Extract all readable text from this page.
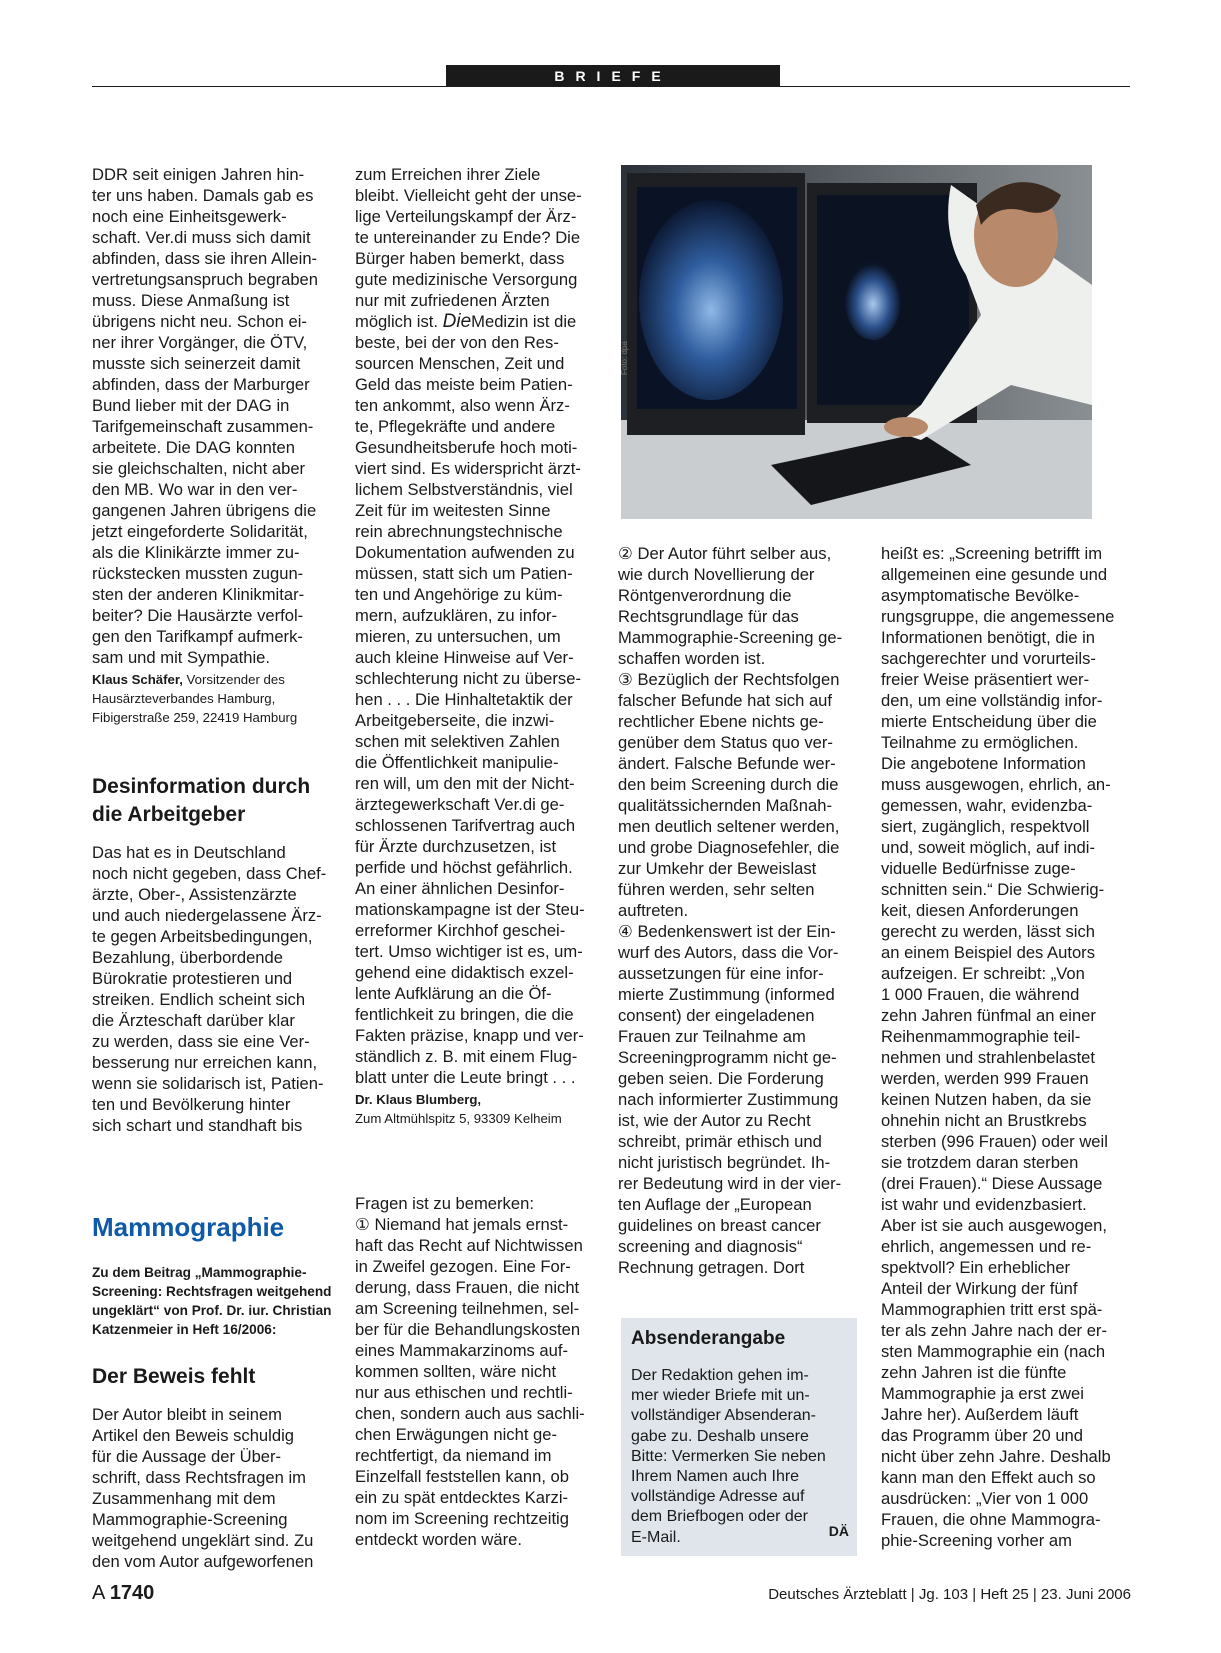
BRIEFE

DDR seit einigen Jahren hin-
ter uns haben. Damals gab es
noch eine Einheitsgewerk-
schaft. Ver.di muss sich damit
abfinden, dass sie ihren Allein-
vertretungsanspruch begraben
muss. Diese Anmaßung ist
übrigens nicht neu. Schon ei-
ner ihrer Vorgänger, die ÖTV,
musste sich seinerzeit damit
abfinden, dass der Marburger
Bund lieber mit der DAG in
Tarifgemeinschaft zusammen-
arbeitete. Die DAG konnten
sie gleichschalten, nicht aber
den MB. Wo war in den ver-
gangenen Jahren übrigens die
jetzt eingeforderte Solidarität,
als die Klinikärzte immer zu-
rückstecken mussten zugun-
sten der anderen Klinikmitar-
beiter? Die Hausärzte verfol-
gen den Tarifkampf aufmerk-
sam und mit Sympathie.

Klaus Schäfer, Vorsitzender des

Hausärzteverbandes Hamburg,
Fibigerstraße 259, 22419 Hamburg

Desinformation durch
die Arbeitgeber

Das hat es in Deutschland
noch nicht gegeben, dass Chef-
ärzte, Ober-, Assistenzärzte
und auch niedergelassene Ärz-
te gegen Arbeitsbedingungen,
Bezahlung, überbordende
Bürokratie protestieren und
streiken. Endlich scheint sich
die Ärzteschaft darüber klar
zu werden, dass sie eine Ver-
besserung nur erreichen kann,
wenn sie solidarisch ist, Patien-
ten und Bevölkerung hinter
sich schart und standhaft bis

Mammographie

Zu dem Beitrag „Mammographie-
Screening: Rechtsfragen weitgehend
ungeklärt“ von Prof. Dr. iur. Christian
Katzenmeier in Heft 16/2006:

Der Beweis fehlt

Der Autor bleibt in seinem
Artikel den Beweis schuldig
für die Aussage der Über-
schrift, dass Rechtsfragen im
Zusammenhang mit dem
Mammographie-Screening
weitgehend ungeklärt sind. Zu
den vom Autor aufgeworfenen

zum Erreichen ihrer Ziele
bleibt. Vielleicht geht der unse-
lige Verteilungskampf der Ärz-
te untereinander zu Ende? Die
Bürger haben bemerkt, dass
gute medizinische Versorgung
nur mit zufriedenen Ärzten
möglich ist. DieMedizin ist die
beste, bei der von den Res-
sourcen Menschen, Zeit und
Geld das meiste beim Patien-
ten ankommt, also wenn Ärz-
te, Pflegekräfte und andere
Gesundheitsberufe hoch moti-
viert sind. Es widerspricht ärzt-
lichem Selbstverständnis, viel
Zeit für im weitesten Sinne
rein abrechnungstechnische
Dokumentation aufwenden zu
müssen, statt sich um Patien-
ten und Angehörige zu küm-
mern, aufzuklären, zu infor-
mieren, zu untersuchen, um
auch kleine Hinweise auf Ver-
schlechterung nicht zu überse-
hen . . . Die Hinhaltetaktik der
Arbeitgeberseite, die inzwi-
schen mit selektiven Zahlen
die Öffentlichkeit manipulie-
ren will, um den mit der Nicht-
ärztegewerkschaft Ver.di ge-
schlossenen Tarifvertrag auch
für Ärzte durchzusetzen, ist
perfide und höchst gefährlich.
An einer ähnlichen Desinfor-
mationskampagne ist der Steu-
erreformer Kirchhof geschei-
tert. Umso wichtiger ist es, um-
gehend eine didaktisch exzel-
lente Aufklärung an die Öf-
fentlichkeit zu bringen, die die
Fakten präzise, knapp und ver-
ständlich z. B. mit einem Flug-
blatt unter die Leute bringt . . .

Dr. Klaus Blumberg,

Zum Altmühlspitz 5, 93309 Kelheim

Fragen ist zu bemerken:
① Niemand hat jemals ernst-
haft das Recht auf Nichtwissen
in Zweifel gezogen. Eine For-
derung, dass Frauen, die nicht
am Screening teilnehmen, sel-
ber für die Behandlungskosten
eines Mammakarzinoms auf-
kommen sollten, wäre nicht
nur aus ethischen und rechtli-
chen, sondern auch aus sachli-
chen Erwägungen nicht ge-
rechtfertigt, da niemand im
Einzelfall feststellen kann, ob
ein zu spät entdecktes Karzi-
nom im Screening rechtzeitig
entdeckt worden wäre.

Foto: dpa

② Der Autor führt selber aus,
wie durch Novellierung der
Röntgenverordnung die
Rechtsgrundlage für das
Mammographie-Screening ge-
schaffen worden ist.
③ Bezüglich der Rechtsfolgen
falscher Befunde hat sich auf
rechtlicher Ebene nichts ge-
genüber dem Status quo ver-
ändert. Falsche Befunde wer-
den beim Screening durch die
qualitätssichernden Maßnah-
men deutlich seltener werden,
und grobe Diagnosefehler, die
zur Umkehr der Beweislast
führen werden, sehr selten
auftreten.
④ Bedenkenswert ist der Ein-
wurf des Autors, dass die Vor-
aussetzungen für eine infor-
mierte Zustimmung (informed
consent) der eingeladenen
Frauen zur Teilnahme am
Screeningprogramm nicht ge-
geben seien. Die Forderung
nach informierter Zustimmung
ist, wie der Autor zu Recht
schreibt, primär ethisch und
nicht juristisch begründet. Ih-
rer Bedeutung wird in der vier-
ten Auflage der „European
guidelines on breast cancer
screening and diagnosis“
Rechnung getragen. Dort

Absenderangabe
Der Redaktion gehen im-
mer wieder Briefe mit un-
vollständiger Absenderan-
gabe zu. Deshalb unsere
Bitte: Vermerken Sie neben
Ihrem Namen auch Ihre
vollständige Adresse auf
dem Briefbogen oder der
E-Mail.	DÄ

heißt es: „Screening betrifft im
allgemeinen eine gesunde und
asymptomatische Bevölke-
rungsgruppe, die angemessene
Informationen benötigt, die in
sachgerechter und vorurteils-
freier Weise präsentiert wer-
den, um eine vollständig infor-
mierte Entscheidung über die
Teilnahme zu ermöglichen.
Die angebotene Information
muss ausgewogen, ehrlich, an-
gemessen, wahr, evidenzba-
siert, zugänglich, respektvoll
und, soweit möglich, auf indi-
viduelle Bedürfnisse zuge-
schnitten sein.“ Die Schwierig-
keit, diesen Anforderungen
gerecht zu werden, lässt sich
an einem Beispiel des Autors
aufzeigen. Er schreibt: „Von
1 000 Frauen, die während
zehn Jahren fünfmal an einer
Reihenmammographie teil-
nehmen und strahlenbelastet
werden, werden 999 Frauen
keinen Nutzen haben, da sie
ohnehin nicht an Brustkrebs
sterben (996 Frauen) oder weil
sie trotzdem daran sterben
(drei Frauen).“ Diese Aussage
ist wahr und evidenzbasiert.
Aber ist sie auch ausgewogen,
ehrlich, angemessen und re-
spektvoll? Ein erheblicher
Anteil der Wirkung der fünf
Mammographien tritt erst spä-
ter als zehn Jahre nach der er-
sten Mammographie ein (nach
zehn Jahren ist die fünfte
Mammographie ja erst zwei
Jahre her). Außerdem läuft
das Programm über 20 und
nicht über zehn Jahre. Deshalb
kann man den Effekt auch so
ausdrücken: „Vier von 1 000
Frauen, die ohne Mammogra-
phie-Screening vorher am

A 1740	Deutsches Ärzteblatt | Jg. 103 | Heft 25 | 23. Juni 2006
